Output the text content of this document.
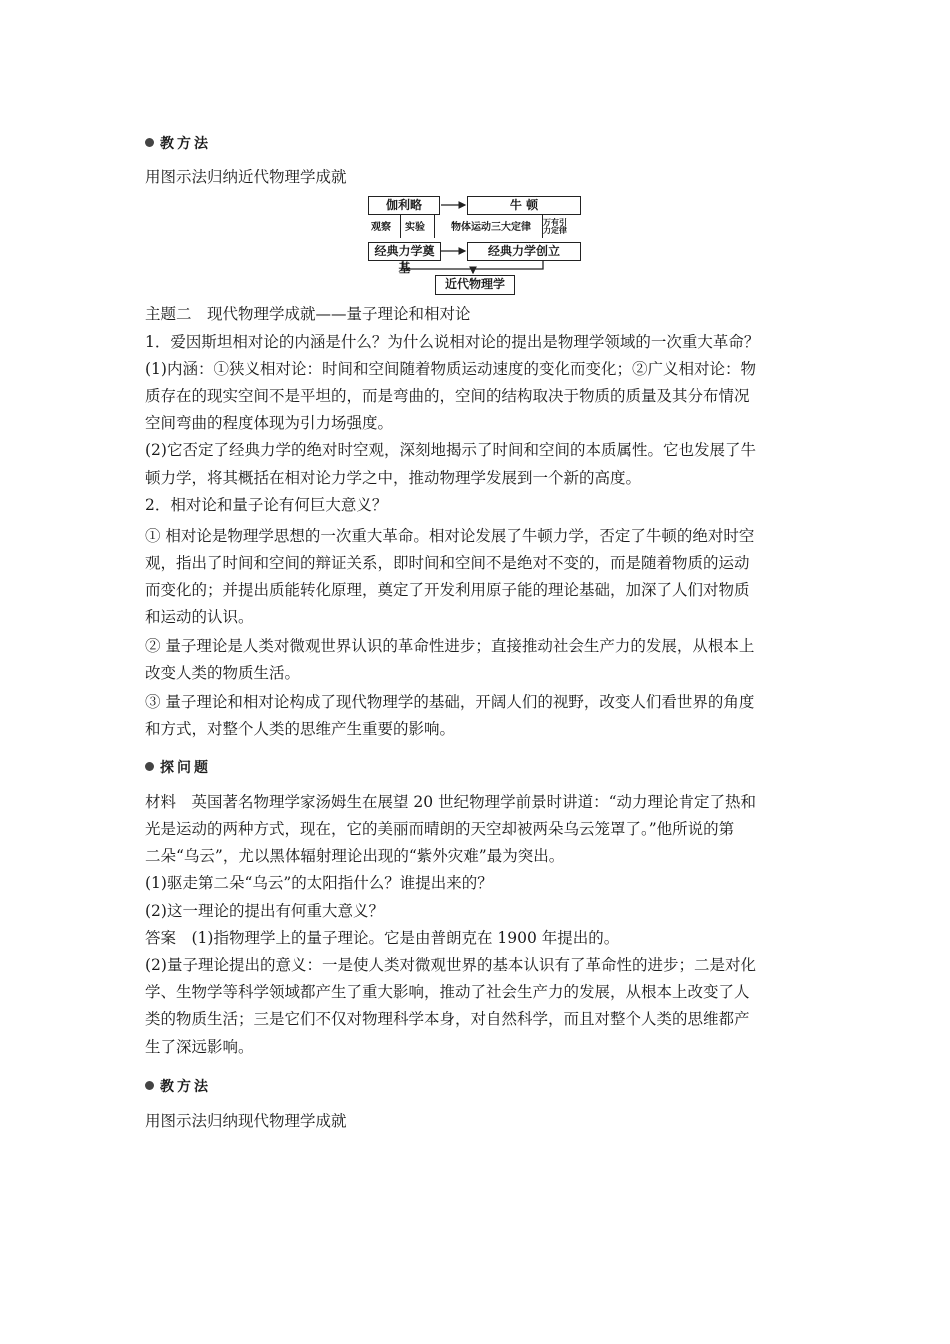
教方法
用图示法归纳近代物理学成就
伽利略	牛 顿
观察 实验	物体运动三大定律 万有引
力定律
经典力学奠基
经典力学创立
近代物理学
主题二　现代物理学成就——量子理论和相对论
1．爱因斯坦相对论的内涵是什么？为什么说相对论的提出是物理学领域的一次重大革命？
(1)内涵：①狭义相对论：时间和空间随着物质运动速度的变化而变化；②广义相对论：物
质存在的现实空间不是平坦的，而是弯曲的，空间的结构取决于物质的质量及其分布情况
空间弯曲的程度体现为引力场强度。
(2)它否定了经典力学的绝对时空观，深刻地揭示了时间和空间的本质属性。它也发展了牛
顿力学，将其概括在相对论力学之中，推动物理学发展到一个新的高度。
2．相对论和量子论有何巨大意义？
① 相对论是物理学思想的一次重大革命。相对论发展了牛顿力学，否定了牛顿的绝对时空
观，指出了时间和空间的辩证关系，即时间和空间不是绝对不变的，而是随着物质的运动
而变化的；并提出质能转化原理，奠定了开发利用原子能的理论基础，加深了人们对物质
和运动的认识。
② 量子理论是人类对微观世界认识的革命性进步；直接推动社会生产力的发展，从根本上
改变人类的物质生活。
③ 量子理论和相对论构成了现代物理学的基础，开阔人们的视野，改变人们看世界的角度
和方式，对整个人类的思维产生重要的影响。
探问题
材料　英国著名物理学家汤姆生在展望 20 世纪物理学前景时讲道：“动力理论肯定了热和
光是运动的两种方式，现在，它的美丽而晴朗的天空却被两朵乌云笼罩了。”他所说的第
二朵“乌云”，尤以黑体辐射理论出现的“紫外灾难”最为突出。
(1)驱走第二朵“乌云”的太阳指什么？谁提出来的？
(2)这一理论的提出有何重大意义？
答案　(1)指物理学上的量子理论。它是由普朗克在 1900 年提出的。
(2)量子理论提出的意义：一是使人类对微观世界的基本认识有了革命性的进步；二是对化
学、生物学等科学领域都产生了重大影响，推动了社会生产力的发展，从根本上改变了人
类的物质生活；三是它们不仅对物理科学本身，对自然科学，而且对整个人类的思维都产
生了深远影响。
教方法
用图示法归纳现代物理学成就
